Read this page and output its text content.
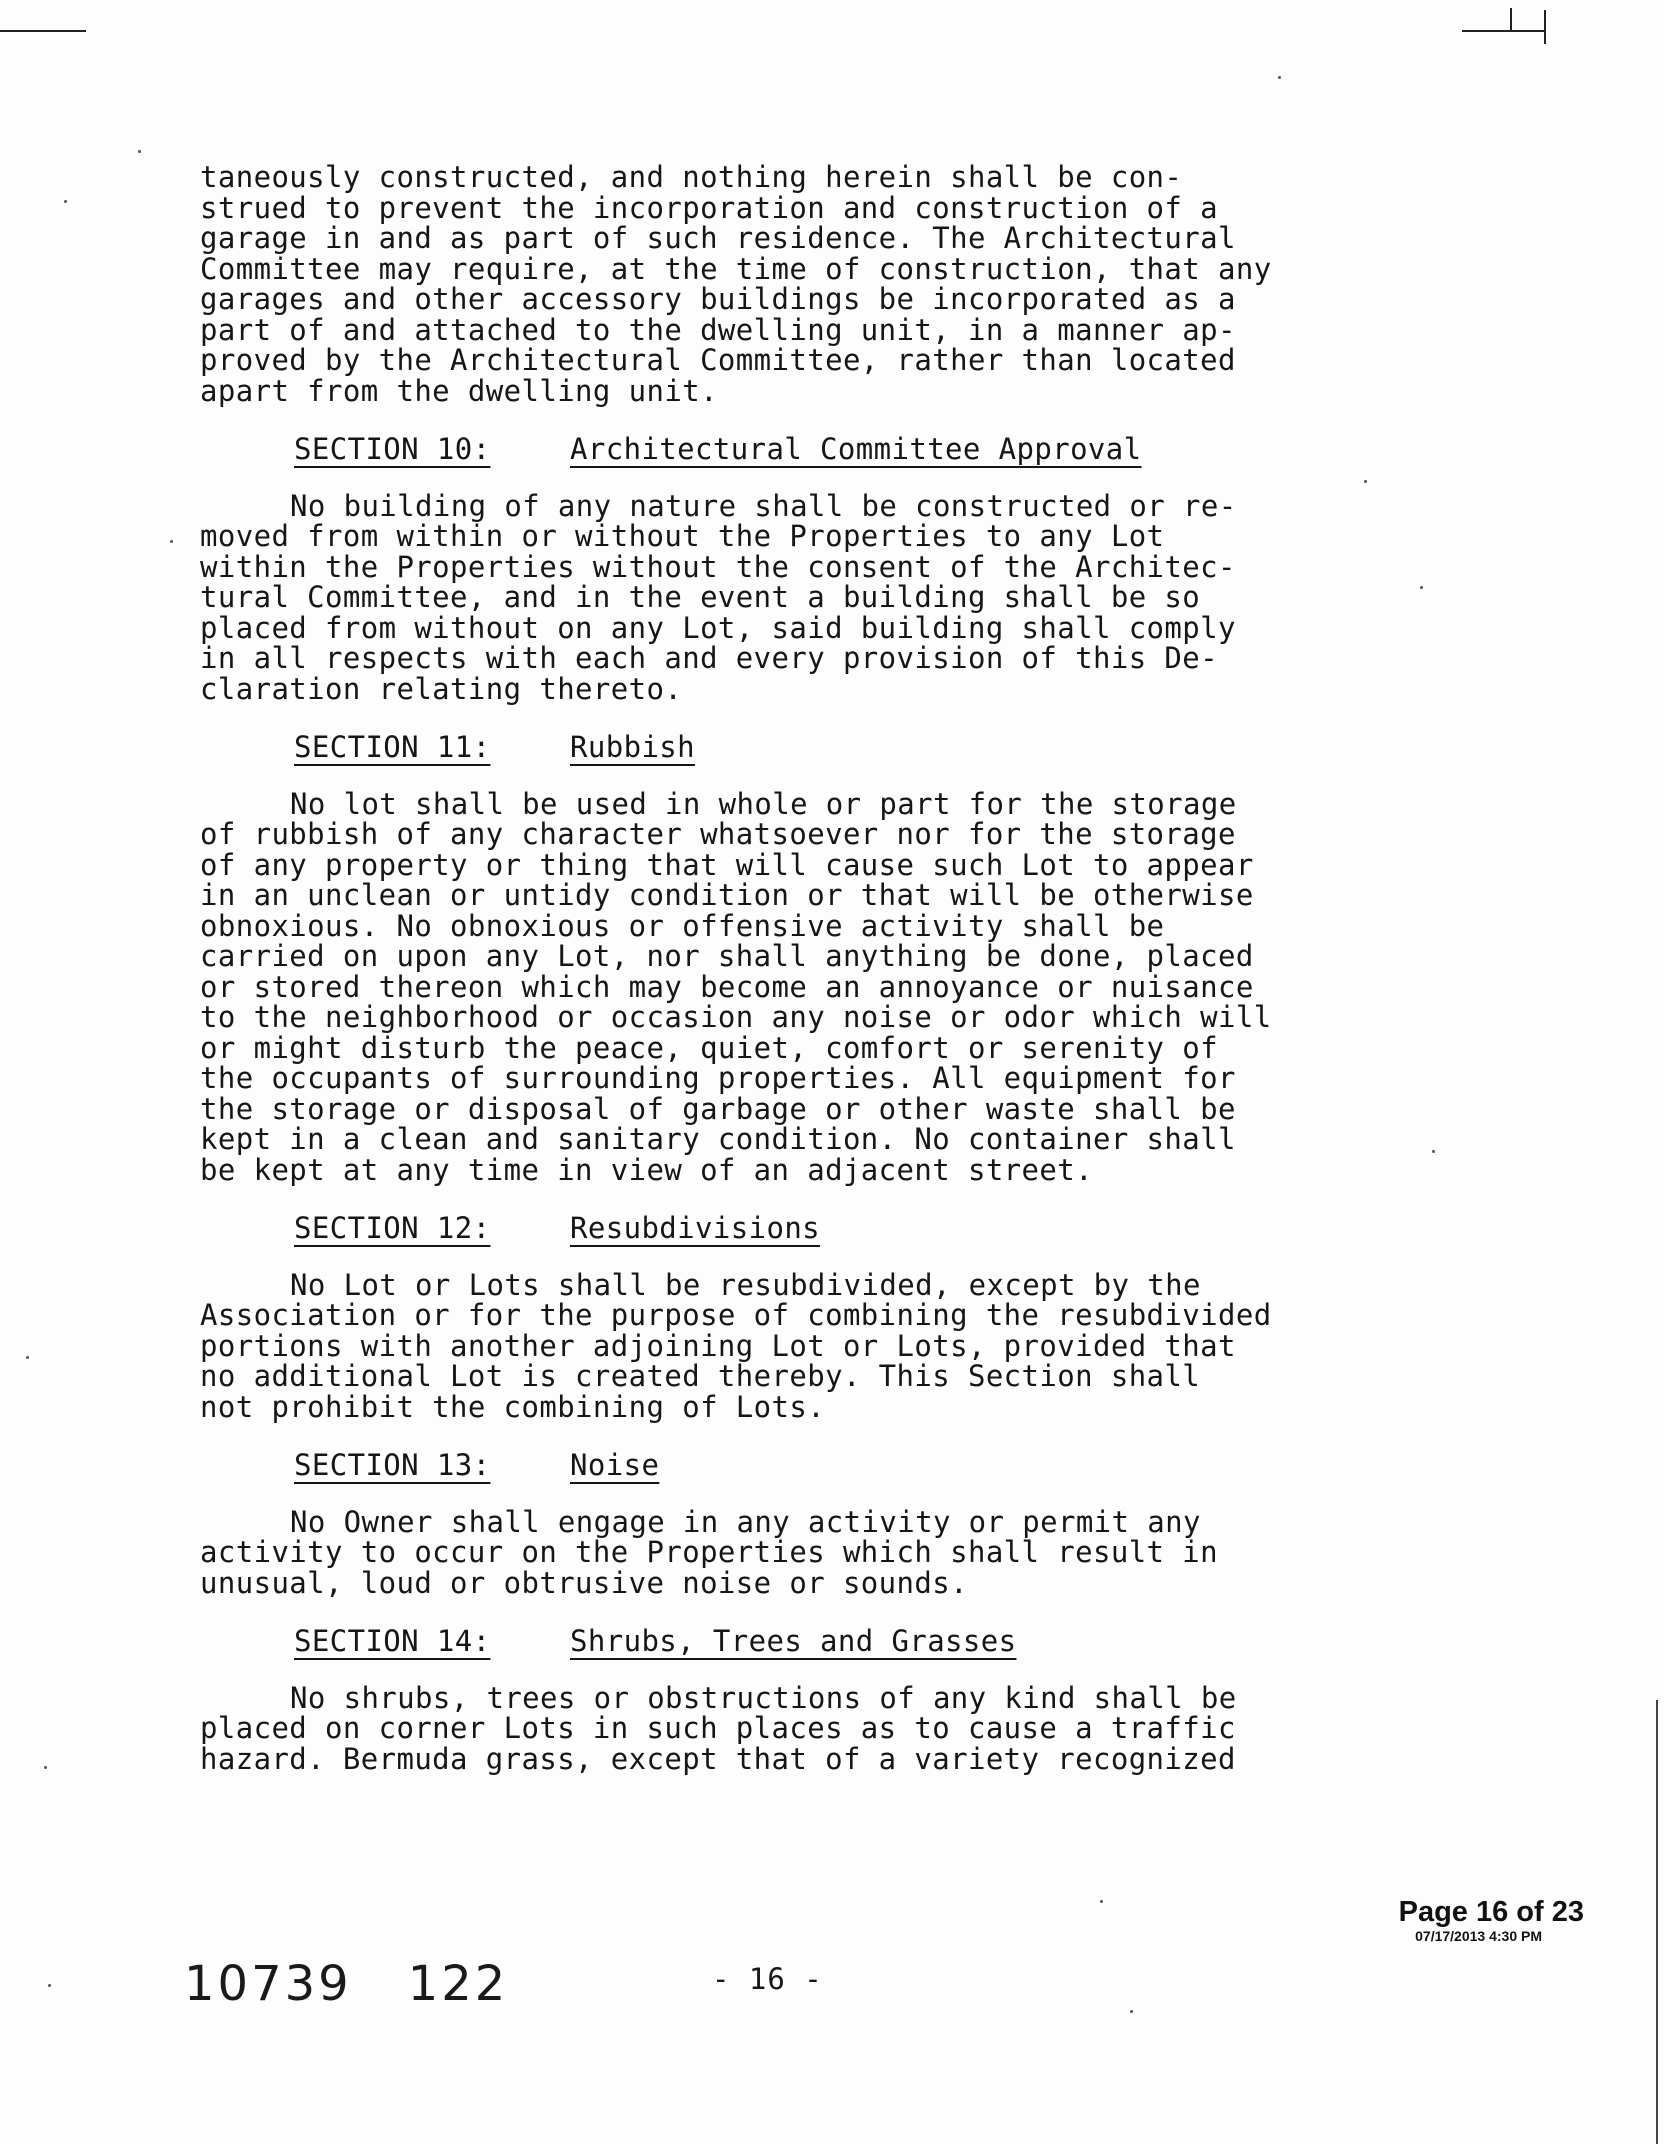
taneously constructed, and nothing herein shall be con-
strued to prevent the incorporation and construction of a
garage in and as part of such residence. The Architectural
Committee may require, at the time of construction, that any
garages and other accessory buildings be incorporated as a
part of and attached to the dwelling unit, in a manner ap-
proved by the Architectural Committee, rather than located
apart from the dwelling unit.

SECTION 10:	Architectural Committee Approval

No building of any nature shall be constructed or re-
moved from within or without the Properties to any Lot
within the Properties without the consent of the Architec-
tural Committee, and in the event a building shall be so
placed from without on any Lot, said building shall comply
in all respects with each and every provision of this De-
claration relating thereto.

SECTION 11:	Rubbish

No lot shall be used in whole or part for the storage
of rubbish of any character whatsoever nor for the storage
of any property or thing that will cause such Lot to appear
in an unclean or untidy condition or that will be otherwise
obnoxious. No obnoxious or offensive activity shall be
carried on upon any Lot, nor shall anything be done, placed
or stored thereon which may become an annoyance or nuisance
to the neighborhood or occasion any noise or odor which will
or might disturb the peace, quiet, comfort or serenity of
the occupants of surrounding properties. All equipment for
the storage or disposal of garbage or other waste shall be
kept in a clean and sanitary condition. No container shall
be kept at any time in view of an adjacent street.

SECTION 12:	Resubdivisions

No Lot or Lots shall be resubdivided, except by the
Association or for the purpose of combining the resubdivided
portions with another adjoining Lot or Lots, provided that
no additional Lot is created thereby. This Section shall
not prohibit the combining of Lots.

SECTION 13:	Noise

No Owner shall engage in any activity or permit any
activity to occur on the Properties which shall result in
unusual, loud or obtrusive noise or sounds.

SECTION 14:	Shrubs, Trees and Grasses

No shrubs, trees or obstructions of any kind shall be
placed on corner Lots in such places as to cause a traffic
hazard. Bermuda grass, except that of a variety recognized

Page 16 of 23
07/17/2013 4:30 PM
10739 122	- 16 -
